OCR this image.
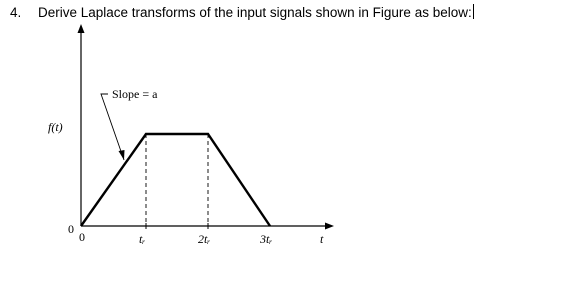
4. Derive Laplace transforms of the input signals shown in Figure as below:
Slope = a
f(t)
0
0	tᵣ	2tᵣ	3tᵣ	t
